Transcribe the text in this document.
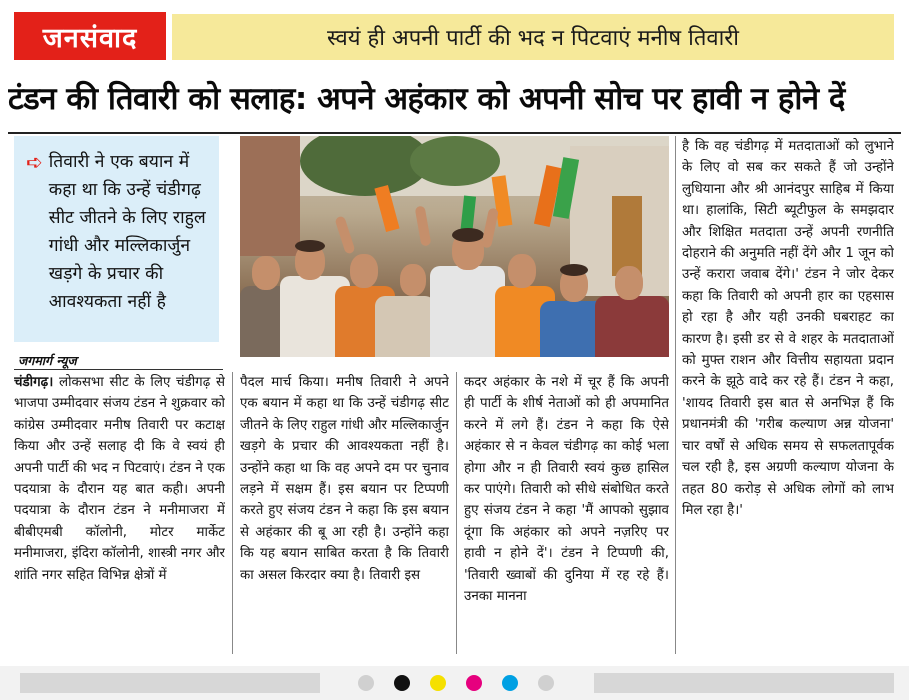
जनसंवाद	स्वयं ही अपनी पार्टी की भद न पिटवाएं मनीष तिवारी
टंडन की तिवारी को सलाह: अपने अहंकार को अपनी सोच पर हावी न होने दें
➪ तिवारी ने एक बयान में कहा था कि उन्हें चंडीगढ़ सीट जीतने के लिए राहुल गांधी और मल्लिकार्जुन खड़गे के प्रचार की आवश्यकता नहीं है
जगमार्ग न्यूज
चंडीगढ़। लोकसभा सीट के लिए चंडीगढ़ से भाजपा उम्मीदवार संजय टंडन ने शुक्रवार को कांग्रेस उम्मीदवार मनीष तिवारी पर कटाक्ष किया और उन्हें सलाह दी कि वे स्वयं ही अपनी पार्टी की भद न पिटवाएं। टंडन ने एक पदयात्रा के दौरान यह बात कही। अपनी पदयात्रा के दौरान टंडन ने मनीमाजरा में बीबीएमबी कॉलोनी, मोटर मार्केट मनीमाजरा, इंदिरा कॉलोनी, शास्त्री नगर और शांति नगर सहित विभिन्न क्षेत्रों में
पैदल मार्च किया। मनीष तिवारी ने अपने एक बयान में कहा था कि उन्हें चंडीगढ़ सीट जीतने के लिए राहुल गांधी और मल्लिकार्जुन खड़गे के प्रचार की आवश्यकता नहीं है। उन्होंने कहा था कि वह अपने दम पर चुनाव लड़ने में सक्षम हैं। इस बयान पर टिप्पणी करते हुए संजय टंडन ने कहा कि इस बयान से अहंकार की बू आ रही है। उन्होंने कहा कि यह बयान साबित करता है कि तिवारी का असल किरदार क्या है। तिवारी इस
कदर अहंकार के नशे में चूर हैं कि अपनी ही पार्टी के शीर्ष नेताओं को ही अपमानित करने में लगे हैं। टंडन ने कहा कि ऐसे अहंकार से न केवल चंडीगढ़ का कोई भला होगा और न ही तिवारी स्वयं कुछ हासिल कर पाएंगे। तिवारी को सीधे संबोधित करते हुए संजय टंडन ने कहा 'मैं आपको सुझाव दूंगा कि अहंकार को अपने नज़रिए पर हावी न होने दें'। टंडन ने टिप्पणी की, 'तिवारी ख्वाबों की दुनिया में रह रहे हैं। उनका मानना
है कि वह चंडीगढ़ में मतदाताओं को लुभाने के लिए वो सब कर सकते हैं जो उन्होंने लुधियाना और श्री आनंदपुर साहिब में किया था। हालांकि, सिटी ब्यूटीफुल के समझदार और शिक्षित मतदाता उन्हें अपनी रणनीति दोहराने की अनुमति नहीं देंगे और 1 जून को उन्हें करारा जवाब देंगे।' टंडन ने जोर देकर कहा कि तिवारी को अपनी हार का एहसास हो रहा है और यही उनकी घबराहट का कारण है। इसी डर से वे शहर के मतदाताओं को मुफ्त राशन और वित्तीय सहायता प्रदान करने के झूठे वादे कर रहे हैं। टंडन ने कहा, 'शायद तिवारी इस बात से अनभिज्ञ हैं कि प्रधानमंत्री की 'गरीब कल्याण अन्न योजना' चार वर्षों से अधिक समय से सफलतापूर्वक चल रही है, इस अग्रणी कल्याण योजना के तहत 80 करोड़ से अधिक लोगों को लाभ मिल रहा है।'
